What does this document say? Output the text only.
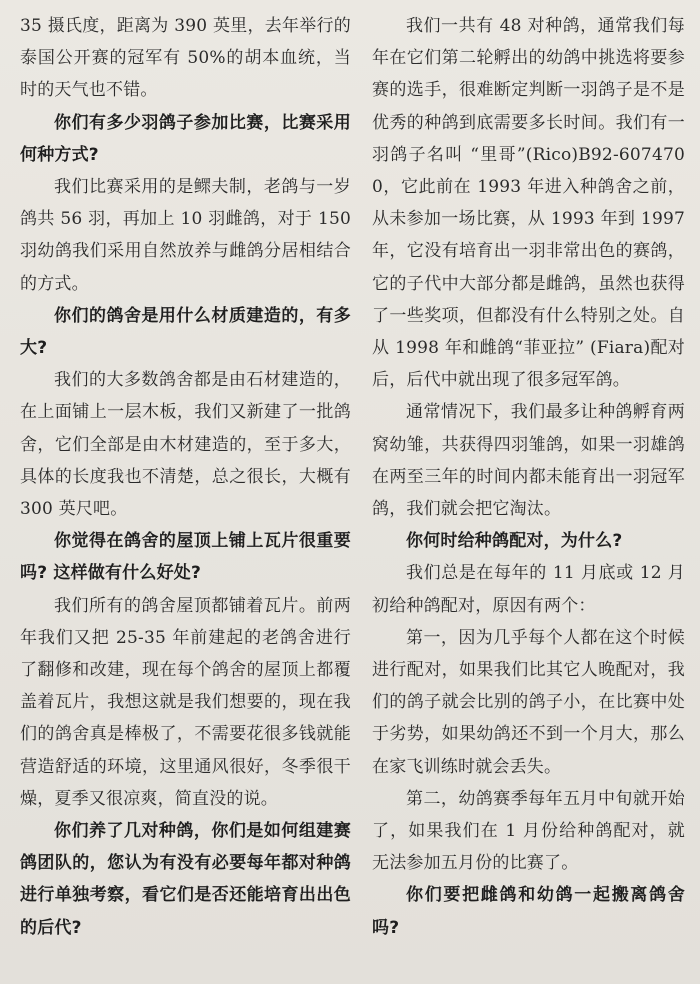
35 摄氏度，距离为 390 英里，去年举行的泰国公开赛的冠军有 50%的胡本血统，当时的天气也不错。

你们有多少羽鸽子参加比赛，比赛采用何种方式?

我们比赛采用的是鳏夫制，老鸽与一岁鸽共 56 羽，再加上 10 羽雌鸽，对于 150 羽幼鸽我们采用自然放养与雌鸽分居相结合的方式。

你们的鸽舍是用什么材质建造的，有多大?

我们的大多数鸽舍都是由石材建造的，在上面铺上一层木板，我们又新建了一批鸽舍，它们全部是由木材建造的，至于多大，具体的长度我也不清楚，总之很长，大概有 300 英尺吧。

你觉得在鸽舍的屋顶上铺上瓦片很重要吗? 这样做有什么好处?

我们所有的鸽舍屋顶都铺着瓦片。前两年我们又把 25-35 年前建起的老鸽舍进行了翻修和改建，现在每个鸽舍的屋顶上都覆盖着瓦片，我想这就是我们想要的，现在我们的鸽舍真是棒极了，不需要花很多钱就能营造舒适的环境，这里通风很好，冬季很干燥，夏季又很凉爽，简直没的说。

你们养了几对种鸽，你们是如何组建赛鸽团队的，您认为有没有必要每年都对种鸽进行单独考察，看它们是否还能培育出出色的后代?

我们一共有 48 对种鸽，通常我们每年在它们第二轮孵出的幼鸽中挑选将要参赛的选手，很难断定判断一羽鸽子是不是优秀的种鸽到底需要多长时间。我们有一羽鸽子名叫 “里哥”(Rico)B92-6074700，它此前在 1993 年进入种鸽舍之前，从未参加一场比赛，从 1993 年到 1997 年，它没有培育出一羽非常出色的赛鸽，它的子代中大部分都是雌鸽，虽然也获得了一些奖项，但都没有什么特别之处。自从 1998 年和雌鸽“菲亚拉” (Fiara)配对后，后代中就出现了很多冠军鸽。

通常情况下，我们最多让种鸽孵育两窝幼雏，共获得四羽雏鸽，如果一羽雄鸽在两至三年的时间内都未能育出一羽冠军鸽，我们就会把它淘汰。

你何时给种鸽配对，为什么?

我们总是在每年的 11 月底或 12 月初给种鸽配对，原因有两个：

第一，因为几乎每个人都在这个时候进行配对，如果我们比其它人晚配对，我们的鸽子就会比别的鸽子小，在比赛中处于劣势，如果幼鸽还不到一个月大，那么在家飞训练时就会丢失。

第二，幼鸽赛季每年五月中旬就开始了，如果我们在 1 月份给种鸽配对，就无法参加五月份的比赛了。

你们要把雌鸽和幼鸽一起搬离鸽舍吗?
